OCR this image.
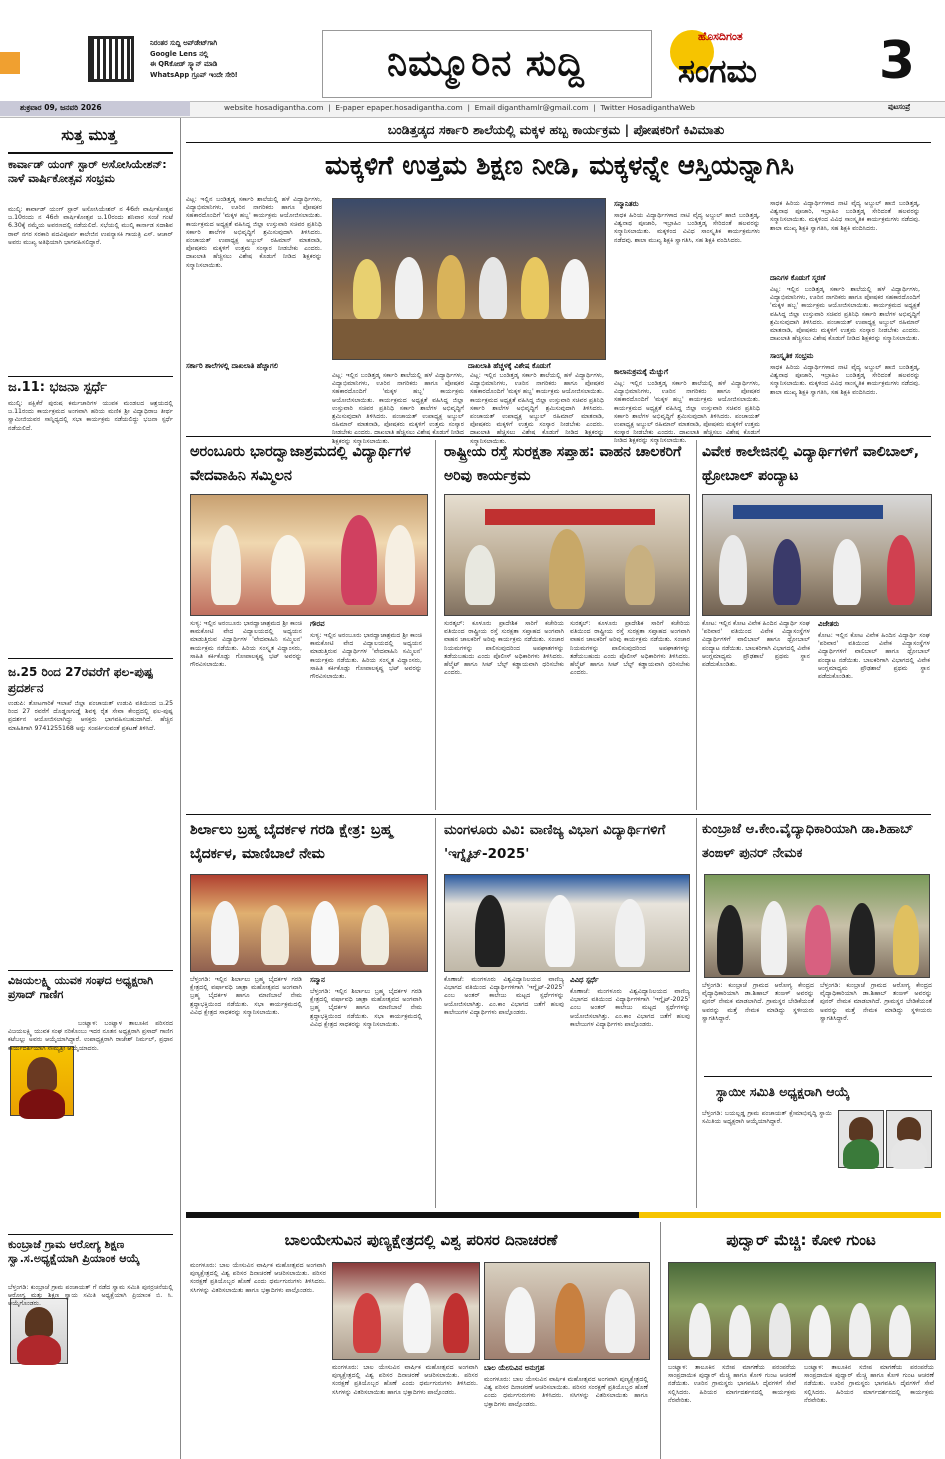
ನಿರಂತರ ಸುದ್ದಿ ಅಪ್‌ಡೇಟ್‌ಗಾಗಿ
Google Lens ನಲ್ಲಿ
ಈ QRಕೋಡ್ ಸ್ಕ್ಯಾನ್ ಮಾಡಿ
WhatsApp ಗ್ರೂಪ್ ಇಂದೇ ಸೇರಿ!	ನಿಮ್ಮೂರಿನ ಸುದ್ದಿ
ಹೊಸದಿಗಂತ
ಸಂಗಮ	3
ಶುಕ್ರವಾರ 09, ಜನವರಿ 2026	website hosadigantha.com  |  E-paper epaper.hosadigantha.com  |  Email diganthamlr@gmail.com  |  Twitter HosadiganthaWeb	ಪುಟಸಂಪ್ರೆ
ಸುತ್ತ ಮುತ್ತ
ಕಾರ್ವಾಡ್ ಯಂಗ್ ಸ್ಟಾರ್ ಅಸೋಸಿಯೇಶನ್: ನಾಳೆ ವಾರ್ಷಿಕೋತ್ಸವ ಸಂಭ್ರಮ
ಮುಲ್ಕಿ: ಕಾರ್ವಾಡ್ ಯಂಗ್ ಸ್ಟಾರ್ ಅಸೋಸಿಯೇಶನ್ ನ 46ನೇ ವಾರ್ಷಿಕೋತ್ಸವ ಜ.10ರಂದು ನ 46ನೇ ವಾರ್ಷಿಕೋತ್ಸವ ಜ.10ರಂದು ಶನಿವಾರ ಸಂಜೆ ಗಂಟೆ 6.30ಕ್ಕೆ ನಮ್ಮೆಯ ಅವರಣದಲ್ಲಿ ನಡೆಯಲಿದೆ. ಸಭೆಯಲ್ಲಿ ಮುಲ್ಕಿ ಕಾರ್ನಾಡ ಸದಾಶಿವ ರಾವ್ ನಗರ ಸರಕಾರಿ ಪದವಿಪೂರ್ವ ಕಾಲೇಜಿನ ಉಪನ್ಯಾಸಕಿ ಗಾಯತ್ರಿ ಎಸ್. ಆಚಾರ್ ಅವರು ಮುಖ್ಯ ಅತಿಥಿಯಾಗಿ ಭಾಗವಹಿಸಲಿದ್ದಾರೆ.
ಜ.11: ಭಜನಾ ಸ್ಪರ್ಧೆ
ಮುಲ್ಕಿ: ಪಕ್ಷಿಕೆರೆ ಪುರುಷ ಕರ್ಮಚಾರಿಗಳ ಯುವಕ ಮಂಡಲದ ಆಶ್ರಯದಲ್ಲಿ ಜ.11ರಂದು ಕಾರ್ಯಕ್ರಮದ ಅಂಗವಾಗಿ ಹರಿಯ ಮಣಿಕ ಶ್ರೀ ವಿದ್ಯಾಧಿರಾಜ ತೀರ್ಥ ಸ್ವಾಮೀಜಿಯವರ ಸಾನ್ನಿಧ್ಯದಲ್ಲಿ ಸಭಾ ಕಾರ್ಯಕ್ರಮ ನಡೆಯಲಿದ್ದು ಭಜನಾ ಸ್ಪರ್ಧೆ ನಡೆಯಲಿದೆ.
ಜ.25 ರಿಂದ 27ರವರೆಗೆ ಫಲ-ಪುಷ್ಪ ಪ್ರದರ್ಶನ
ಉಡುಪಿ: ತೋಟಗಾರಿಕೆ ಇಲಾಖೆ ಜಿಲ್ಲಾ ಪಂಚಾಯತ್ ಉಡುಪಿ ವತಿಯಿಂದ ಜ.25 ರಿಂದ 27 ರವರೆಗೆ ದೊಡ್ಡಣಗುಡ್ಡೆ ಶಿವಳ್ಳಿ ರೈತ ಸೇವಾ ಕೇಂದ್ರದಲ್ಲಿ ಫಲ-ಪುಷ್ಪ ಪ್ರದರ್ಶನ ಆಯೋಜಿಸಲಾಗಿದ್ದು ಆಸಕ್ತರು ಭಾಗವಹಿಸಬಹುದಾಗಿದೆ. ಹೆಚ್ಚಿನ ಮಾಹಿತಿಗಾಗಿ 9741255168 ಅನ್ನು ಸಂಪರ್ಕಿಸುವಂತೆ ಪ್ರಕಟಣೆ ತಿಳಿಸಿದೆ.
ವಿಜಯಲಕ್ಷ್ಮಿ ಯುವಕ ಸಂಘದ ಅಧ್ಯಕ್ಷರಾಗಿ ಪ್ರಸಾದ್ ಗಾಣಿಗ
ಬಂಟ್ವಾಳ: ಬಂಟ್ವಾಳ ತಾಲೂಕಿನ ಪರಿಸರದ ವಿಜಯಲಕ್ಷ್ಮಿ ಯುವಕ ಸಂಘ ನರಿಕೊಂಬು ಇದರ ನೂತನ ಅಧ್ಯಕ್ಷರಾಗಿ ಪ್ರಸಾದ್ ಗಾಣಿಗ ಕಟೆಬಲ್ಲು ಅವರು ಆಯ್ಕೆಯಾಗಿದ್ದಾರೆ. ಉಪಾಧ್ಯಕ್ಷರಾಗಿ ರಾಜೇಶ್ ನಿರ್ಮಲ್, ಪ್ರಧಾನ ಕಾರ್ಯದರ್ಶಿಯಾಗಿ ಸೌಮ್ಯಶ್ರೀ ಆಯ್ಕೆಯಾದರು.
ಕುಂಬ್ರಾಜೆ ಗ್ರಾಮ ಆರೋಗ್ಯ ಶಿಕ್ಷಣ ಸ್ವಾ.ಸ.ಅಧ್ಯಕ್ಷೆಯಾಗಿ ಪ್ರಿಯಾಂಕ ಆಯ್ಕೆ
ಬೆಳ್ತಂಗಡಿ: ಕುಂಬ್ರಾಜೆ ಗ್ರಾಮ ಪಂಚಾಯತ್ ಗೆ ನಡೆದ ಸ್ವಾಮ ಸಮಿತಿ ಪುನರ್ರಚನೆಯಲ್ಲಿ ಆರೋಗ್ಯ ಮತ್ತು ಶಿಕ್ಷಣ ಸ್ವಾಯ ಸಮಿತಿ ಅಧ್ಯಕ್ಷೆಯಾಗಿ ಪ್ರಿಯಾಂಕ ಬಿ. ಸಿ. ಆಯ್ಕೆಗೊಂಡರು.
ಬಂಡಿತ್ತಡ್ಕದ ಸರ್ಕಾರಿ ಶಾಲೆಯಲ್ಲಿ ಮಕ್ಕಳ ಹಬ್ಬ ಕಾರ್ಯಕ್ರಮ | ಪೋಷಕರಿಗೆ ಕಿವಿಮಾತು
ಮಕ್ಕಳಿಗೆ ಉತ್ತಮ ಶಿಕ್ಷಣ ನೀಡಿ, ಮಕ್ಕಳನ್ನೇ ಆಸ್ತಿಯನ್ನಾಗಿಸಿ
ವಿಟ್ಲ: ಇಲ್ಲಿನ ಬಂಡಿತ್ತಡ್ಕ ಸರ್ಕಾರಿ ಶಾಲೆಯಲ್ಲಿ ಹಳೆ ವಿದ್ಯಾರ್ಥಿಗಳು, ವಿದ್ಯಾಭಿಮಾನಿಗಳು, ಊರಿನ ನಾಗರಿಕರು ಹಾಗೂ ಪೋಷಕರ ಸಹಕಾರದೊಂದಿಗೆ 'ಮಕ್ಕಳ ಹಬ್ಬ' ಕಾರ್ಯಕ್ರಮ ಆಯೋಜಿಸಲಾಯಿತು. ಕಾರ್ಯಕ್ರಮದ ಅಧ್ಯಕ್ಷತೆ ವಹಿಸಿದ್ದ ಜಿಲ್ಲಾ ಉಸ್ತುವಾರಿ ಸಚಿವರ ಪ್ರತಿನಿಧಿ ಸರ್ಕಾರಿ ಶಾಲೆಗಳ ಅಭಿವೃದ್ಧಿಗೆ ಶ್ರಮಿಸುವುದಾಗಿ ತಿಳಿಸಿದರು. ಪಂಚಾಯತ್ ಉಪಾಧ್ಯಕ್ಷ ಅಬ್ದುಲ್ ರಹಿಮಾನ್ ಮಾತನಾಡಿ, ಪೋಷಕರು ಮಕ್ಕಳಿಗೆ ಉತ್ತಮ ಸಂಸ್ಕಾರ ನೀಡಬೇಕು ಎಂದರು. ದಾಖಲಾತಿ ಹೆಚ್ಚಿಸಲು ವಿಶೇಷ ಕೊಡುಗೆ ನೀಡಿದ ಶಿಕ್ಷಕರನ್ನು ಸನ್ಮಾನಿಸಲಾಯಿತು.
ಸರ್ಕಾರಿ ಶಾಲೆಗಳಲ್ಲಿ ದಾಖಲಾತಿ ಹೆಚ್ಚಾಗಲಿ	ದಾಖಲಾತಿ ಹೆಚ್ಚಳಕ್ಕೆ ವಿಶೇಷ ಕೊಡುಗೆ
ವಿಟ್ಲ: ಇಲ್ಲಿನ ಬಂಡಿತ್ತಡ್ಕ ಸರ್ಕಾರಿ ಶಾಲೆಯಲ್ಲಿ ಹಳೆ ವಿದ್ಯಾರ್ಥಿಗಳು, ವಿದ್ಯಾಭಿಮಾನಿಗಳು, ಊರಿನ ನಾಗರಿಕರು ಹಾಗೂ ಪೋಷಕರ ಸಹಕಾರದೊಂದಿಗೆ 'ಮಕ್ಕಳ ಹಬ್ಬ' ಕಾರ್ಯಕ್ರಮ ಆಯೋಜಿಸಲಾಯಿತು. ಕಾರ್ಯಕ್ರಮದ ಅಧ್ಯಕ್ಷತೆ ವಹಿಸಿದ್ದ ಜಿಲ್ಲಾ ಉಸ್ತುವಾರಿ ಸಚಿವರ ಪ್ರತಿನಿಧಿ ಸರ್ಕಾರಿ ಶಾಲೆಗಳ ಅಭಿವೃದ್ಧಿಗೆ ಶ್ರಮಿಸುವುದಾಗಿ ತಿಳಿಸಿದರು. ಪಂಚಾಯತ್ ಉಪಾಧ್ಯಕ್ಷ ಅಬ್ದುಲ್ ರಹಿಮಾನ್ ಮಾತನಾಡಿ, ಪೋಷಕರು ಮಕ್ಕಳಿಗೆ ಉತ್ತಮ ಸಂಸ್ಕಾರ ನೀಡಬೇಕು ಎಂದರು. ದಾಖಲಾತಿ ಹೆಚ್ಚಿಸಲು ವಿಶೇಷ ಕೊಡುಗೆ ನೀಡಿದ ಶಿಕ್ಷಕರನ್ನು ಸನ್ಮಾನಿಸಲಾಯಿತು.
ವಿಟ್ಲ: ಇಲ್ಲಿನ ಬಂಡಿತ್ತಡ್ಕ ಸರ್ಕಾರಿ ಶಾಲೆಯಲ್ಲಿ ಹಳೆ ವಿದ್ಯಾರ್ಥಿಗಳು, ವಿದ್ಯಾಭಿಮಾನಿಗಳು, ಊರಿನ ನಾಗರಿಕರು ಹಾಗೂ ಪೋಷಕರ ಸಹಕಾರದೊಂದಿಗೆ 'ಮಕ್ಕಳ ಹಬ್ಬ' ಕಾರ್ಯಕ್ರಮ ಆಯೋಜಿಸಲಾಯಿತು. ಕಾರ್ಯಕ್ರಮದ ಅಧ್ಯಕ್ಷತೆ ವಹಿಸಿದ್ದ ಜಿಲ್ಲಾ ಉಸ್ತುವಾರಿ ಸಚಿವರ ಪ್ರತಿನಿಧಿ ಸರ್ಕಾರಿ ಶಾಲೆಗಳ ಅಭಿವೃದ್ಧಿಗೆ ಶ್ರಮಿಸುವುದಾಗಿ ತಿಳಿಸಿದರು. ಪಂಚಾಯತ್ ಉಪಾಧ್ಯಕ್ಷ ಅಬ್ದುಲ್ ರಹಿಮಾನ್ ಮಾತನಾಡಿ, ಪೋಷಕರು ಮಕ್ಕಳಿಗೆ ಉತ್ತಮ ಸಂಸ್ಕಾರ ನೀಡಬೇಕು ಎಂದರು. ದಾಖಲಾತಿ ಹೆಚ್ಚಿಸಲು ವಿಶೇಷ ಕೊಡುಗೆ ನೀಡಿದ ಶಿಕ್ಷಕರನ್ನು ಸನ್ಮಾನಿಸಲಾಯಿತು.
ಸನ್ಮಾನಿತರು
ಸಾಧಕ ಹಿರಿಯ ವಿದ್ಯಾರ್ಥಿಗಳಾದ ನಾಟಿ ವೈದ್ಯ ಅಬ್ದುಲ್ ಹಾಜಿ ಬಂಡಿತ್ತಡ್ಕ, ವಿಶ್ವನಾಥ ಪೂಜಾರಿ, ಇಬ್ರಾಹಿಂ ಬಂಡಿತ್ತಡ್ಕ ಸೇರಿದಂತೆ ಹಲವರನ್ನು ಸನ್ಮಾನಿಸಲಾಯಿತು. ಮಕ್ಕಳಿಂದ ವಿವಿಧ ಸಾಂಸ್ಕೃತಿಕ ಕಾರ್ಯಕ್ರಮಗಳು ನಡೆದವು. ಶಾಲಾ ಮುಖ್ಯ ಶಿಕ್ಷಕಿ ಸ್ವಾಗತಿಸಿ, ಸಹ ಶಿಕ್ಷಕಿ ವಂದಿಸಿದರು.
ಕಾಲಾನುಕ್ರಮಕ್ಕೆ ಮೆಚ್ಚುಗೆ
ವಿಟ್ಲ: ಇಲ್ಲಿನ ಬಂಡಿತ್ತಡ್ಕ ಸರ್ಕಾರಿ ಶಾಲೆಯಲ್ಲಿ ಹಳೆ ವಿದ್ಯಾರ್ಥಿಗಳು, ವಿದ್ಯಾಭಿಮಾನಿಗಳು, ಊರಿನ ನಾಗರಿಕರು ಹಾಗೂ ಪೋಷಕರ ಸಹಕಾರದೊಂದಿಗೆ 'ಮಕ್ಕಳ ಹಬ್ಬ' ಕಾರ್ಯಕ್ರಮ ಆಯೋಜಿಸಲಾಯಿತು. ಕಾರ್ಯಕ್ರಮದ ಅಧ್ಯಕ್ಷತೆ ವಹಿಸಿದ್ದ ಜಿಲ್ಲಾ ಉಸ್ತುವಾರಿ ಸಚಿವರ ಪ್ರತಿನಿಧಿ ಸರ್ಕಾರಿ ಶಾಲೆಗಳ ಅಭಿವೃದ್ಧಿಗೆ ಶ್ರಮಿಸುವುದಾಗಿ ತಿಳಿಸಿದರು. ಪಂಚಾಯತ್ ಉಪಾಧ್ಯಕ್ಷ ಅಬ್ದುಲ್ ರಹಿಮಾನ್ ಮಾತನಾಡಿ, ಪೋಷಕರು ಮಕ್ಕಳಿಗೆ ಉತ್ತಮ ಸಂಸ್ಕಾರ ನೀಡಬೇಕು ಎಂದರು. ದಾಖಲಾತಿ ಹೆಚ್ಚಿಸಲು ವಿಶೇಷ ಕೊಡುಗೆ ನೀಡಿದ ಶಿಕ್ಷಕರನ್ನು ಸನ್ಮಾನಿಸಲಾಯಿತು.
ಸಾಧಕ ಹಿರಿಯ ವಿದ್ಯಾರ್ಥಿಗಳಾದ ನಾಟಿ ವೈದ್ಯ ಅಬ್ದುಲ್ ಹಾಜಿ ಬಂಡಿತ್ತಡ್ಕ, ವಿಶ್ವನಾಥ ಪೂಜಾರಿ, ಇಬ್ರಾಹಿಂ ಬಂಡಿತ್ತಡ್ಕ ಸೇರಿದಂತೆ ಹಲವರನ್ನು ಸನ್ಮಾನಿಸಲಾಯಿತು. ಮಕ್ಕಳಿಂದ ವಿವಿಧ ಸಾಂಸ್ಕೃತಿಕ ಕಾರ್ಯಕ್ರಮಗಳು ನಡೆದವು. ಶಾಲಾ ಮುಖ್ಯ ಶಿಕ್ಷಕಿ ಸ್ವಾಗತಿಸಿ, ಸಹ ಶಿಕ್ಷಕಿ ವಂದಿಸಿದರು.
ದಾನಿಗಳ ಕೊಡುಗೆ ಸ್ಮರಣೆ
ವಿಟ್ಲ: ಇಲ್ಲಿನ ಬಂಡಿತ್ತಡ್ಕ ಸರ್ಕಾರಿ ಶಾಲೆಯಲ್ಲಿ ಹಳೆ ವಿದ್ಯಾರ್ಥಿಗಳು, ವಿದ್ಯಾಭಿಮಾನಿಗಳು, ಊರಿನ ನಾಗರಿಕರು ಹಾಗೂ ಪೋಷಕರ ಸಹಕಾರದೊಂದಿಗೆ 'ಮಕ್ಕಳ ಹಬ್ಬ' ಕಾರ್ಯಕ್ರಮ ಆಯೋಜಿಸಲಾಯಿತು. ಕಾರ್ಯಕ್ರಮದ ಅಧ್ಯಕ್ಷತೆ ವಹಿಸಿದ್ದ ಜಿಲ್ಲಾ ಉಸ್ತುವಾರಿ ಸಚಿವರ ಪ್ರತಿನಿಧಿ ಸರ್ಕಾರಿ ಶಾಲೆಗಳ ಅಭಿವೃದ್ಧಿಗೆ ಶ್ರಮಿಸುವುದಾಗಿ ತಿಳಿಸಿದರು. ಪಂಚಾಯತ್ ಉಪಾಧ್ಯಕ್ಷ ಅಬ್ದುಲ್ ರಹಿಮಾನ್ ಮಾತನಾಡಿ, ಪೋಷಕರು ಮಕ್ಕಳಿಗೆ ಉತ್ತಮ ಸಂಸ್ಕಾರ ನೀಡಬೇಕು ಎಂದರು. ದಾಖಲಾತಿ ಹೆಚ್ಚಿಸಲು ವಿಶೇಷ ಕೊಡುಗೆ ನೀಡಿದ ಶಿಕ್ಷಕರನ್ನು ಸನ್ಮಾನಿಸಲಾಯಿತು.
ಸಾಂಸ್ಕೃತಿಕ ಸಂಭ್ರಮ
ಸಾಧಕ ಹಿರಿಯ ವಿದ್ಯಾರ್ಥಿಗಳಾದ ನಾಟಿ ವೈದ್ಯ ಅಬ್ದುಲ್ ಹಾಜಿ ಬಂಡಿತ್ತಡ್ಕ, ವಿಶ್ವನಾಥ ಪೂಜಾರಿ, ಇಬ್ರಾಹಿಂ ಬಂಡಿತ್ತಡ್ಕ ಸೇರಿದಂತೆ ಹಲವರನ್ನು ಸನ್ಮಾನಿಸಲಾಯಿತು. ಮಕ್ಕಳಿಂದ ವಿವಿಧ ಸಾಂಸ್ಕೃತಿಕ ಕಾರ್ಯಕ್ರಮಗಳು ನಡೆದವು. ಶಾಲಾ ಮುಖ್ಯ ಶಿಕ್ಷಕಿ ಸ್ವಾಗತಿಸಿ, ಸಹ ಶಿಕ್ಷಕಿ ವಂದಿಸಿದರು.
ಅರಂಬೂರು ಭಾರದ್ವಾಜಾಶ್ರಮದಲ್ಲಿ ವಿದ್ಯಾರ್ಥಿಗಳ ವೇದವಾಹಿನಿ ಸಮ್ಮಿಲನ
ಸುಳ್ಯ: ಇಲ್ಲಿನ ಅರಂಬೂರು ಭಾರದ್ವಾಜಾಶ್ರಮದ ಶ್ರೀ ಕಾಂಚಿ ಕಾಮಕೋಟಿ ವೇದ ವಿದ್ಯಾಲಯದಲ್ಲಿ ಅಧ್ಯಯನ ಮಾಡುತ್ತಿರುವ ವಿದ್ಯಾರ್ಥಿಗಳ 'ವೇದವಾಹಿನಿ ಸಮ್ಮಿಲನ' ಕಾರ್ಯಕ್ರಮ ನಡೆಯಿತು. ಹಿರಿಯ ಸಂಸ್ಕೃತ ವಿದ್ವಾಂಸರು, ಸಾಹಿತಿ ಕರ್ಕಿಕೊಡ್ಲು ಗೋಪಾಲಕೃಷ್ಣ ಭಟ್ ಅವರನ್ನು ಗೌರವಿಸಲಾಯಿತು.
ಗೌರವ
ಸುಳ್ಯ: ಇಲ್ಲಿನ ಅರಂಬೂರು ಭಾರದ್ವಾಜಾಶ್ರಮದ ಶ್ರೀ ಕಾಂಚಿ ಕಾಮಕೋಟಿ ವೇದ ವಿದ್ಯಾಲಯದಲ್ಲಿ ಅಧ್ಯಯನ ಮಾಡುತ್ತಿರುವ ವಿದ್ಯಾರ್ಥಿಗಳ 'ವೇದವಾಹಿನಿ ಸಮ್ಮಿಲನ' ಕಾರ್ಯಕ್ರಮ ನಡೆಯಿತು. ಹಿರಿಯ ಸಂಸ್ಕೃತ ವಿದ್ವಾಂಸರು, ಸಾಹಿತಿ ಕರ್ಕಿಕೊಡ್ಲು ಗೋಪಾಲಕೃಷ್ಣ ಭಟ್ ಅವರನ್ನು ಗೌರವಿಸಲಾಯಿತು.
ರಾಷ್ಟ್ರೀಯ ರಸ್ತೆ ಸುರಕ್ಷತಾ ಸಪ್ತಾಹ: ವಾಹನ ಚಾಲಕರಿಗೆ ಅರಿವು ಕಾರ್ಯಕ್ರಮ
ಸುರತ್ಕಲ್: ಕೂಳೂರು ಪ್ರಾದೇಶಿಕ ಸಾರಿಗೆ ಕಚೇರಿಯ ವತಿಯಿಂದ ರಾಷ್ಟ್ರೀಯ ರಸ್ತೆ ಸುರಕ್ಷತಾ ಸಪ್ತಾಹದ ಅಂಗವಾಗಿ ವಾಹನ ಚಾಲಕರಿಗೆ ಅರಿವು ಕಾರ್ಯಕ್ರಮ ನಡೆಯಿತು. ಸಂಚಾರ ನಿಯಮಗಳನ್ನು ಪಾಲಿಸುವುದರಿಂದ ಅಪಘಾತಗಳನ್ನು ತಡೆಯಬಹುದು ಎಂದು ಪೊಲೀಸ್ ಅಧಿಕಾರಿಗಳು ತಿಳಿಸಿದರು. ಹೆಲ್ಮೆಟ್ ಹಾಗೂ ಸೀಟ್ ಬೆಲ್ಟ್ ಕಡ್ಡಾಯವಾಗಿ ಧರಿಸಬೇಕು ಎಂದರು.
ಸುರತ್ಕಲ್: ಕೂಳೂರು ಪ್ರಾದೇಶಿಕ ಸಾರಿಗೆ ಕಚೇರಿಯ ವತಿಯಿಂದ ರಾಷ್ಟ್ರೀಯ ರಸ್ತೆ ಸುರಕ್ಷತಾ ಸಪ್ತಾಹದ ಅಂಗವಾಗಿ ವಾಹನ ಚಾಲಕರಿಗೆ ಅರಿವು ಕಾರ್ಯಕ್ರಮ ನಡೆಯಿತು. ಸಂಚಾರ ನಿಯಮಗಳನ್ನು ಪಾಲಿಸುವುದರಿಂದ ಅಪಘಾತಗಳನ್ನು ತಡೆಯಬಹುದು ಎಂದು ಪೊಲೀಸ್ ಅಧಿಕಾರಿಗಳು ತಿಳಿಸಿದರು. ಹೆಲ್ಮೆಟ್ ಹಾಗೂ ಸೀಟ್ ಬೆಲ್ಟ್ ಕಡ್ಡಾಯವಾಗಿ ಧರಿಸಬೇಕು ಎಂದರು.
ವಿವೇಕ ಕಾಲೇಜಿನಲ್ಲಿ ವಿದ್ಯಾರ್ಥಿಗಳಿಗೆ ವಾಲಿಬಾಲ್, ಥ್ರೋಬಾಲ್ ಪಂದ್ಯಾಟ
ಕೋಟ: ಇಲ್ಲಿನ ಕೋಟ ವಿವೇಕ ಹಿಂದಿನ ವಿದ್ಯಾರ್ಥಿ ಸಂಘ 'ಪರಿವಾರ' ವತಿಯಿಂದ ವಿವೇಕ ವಿದ್ಯಾಸಂಸ್ಥೆಗಳ ವಿದ್ಯಾರ್ಥಿಗಳಿಗೆ ವಾಲಿಬಾಲ್ ಹಾಗೂ ಥ್ರೋಬಾಲ್ ಪಂದ್ಯಾಟ ನಡೆಯಿತು. ಬಾಲಕರಿಗಾಗಿ ವಿಭಾಗದಲ್ಲಿ ವಿವೇಕ ಆಂಗ್ಲಮಾಧ್ಯಮ ಪ್ರೌಢಶಾಲೆ ಪ್ರಥಮ ಸ್ಥಾನ ಪಡೆದುಕೊಂಡಿತು.
ವಿಜೇತರು
ಕೋಟ: ಇಲ್ಲಿನ ಕೋಟ ವಿವೇಕ ಹಿಂದಿನ ವಿದ್ಯಾರ್ಥಿ ಸಂಘ 'ಪರಿವಾರ' ವತಿಯಿಂದ ವಿವೇಕ ವಿದ್ಯಾಸಂಸ್ಥೆಗಳ ವಿದ್ಯಾರ್ಥಿಗಳಿಗೆ ವಾಲಿಬಾಲ್ ಹಾಗೂ ಥ್ರೋಬಾಲ್ ಪಂದ್ಯಾಟ ನಡೆಯಿತು. ಬಾಲಕರಿಗಾಗಿ ವಿಭಾಗದಲ್ಲಿ ವಿವೇಕ ಆಂಗ್ಲಮಾಧ್ಯಮ ಪ್ರೌಢಶಾಲೆ ಪ್ರಥಮ ಸ್ಥಾನ ಪಡೆದುಕೊಂಡಿತು.
ಶಿರ್ಲಾಲು ಬ್ರಹ್ಮ ಬೈದರ್ಕಳ ಗರಡಿ ಕ್ಷೇತ್ರ: ಬ್ರಹ್ಮ ಬೈದರ್ಕಳ, ಮಾಣಿಬಾಲೆ ನೇಮ
ಬೆಳ್ತಂಗಡಿ: ಇಲ್ಲಿನ ಶಿರ್ಲಾಲು ಬ್ರಹ್ಮ ಬೈದರ್ಕಳ ಗರಡಿ ಕ್ಷೇತ್ರದಲ್ಲಿ ವರ್ಷಾವಧಿ ಜಾತ್ರಾ ಮಹೋತ್ಸವದ ಅಂಗವಾಗಿ ಬ್ರಹ್ಮ ಬೈದರ್ಕಳ ಹಾಗೂ ಮಾಣಿಬಾಲೆ ನೇಮ ಶ್ರದ್ಧಾಭಕ್ತಿಯಿಂದ ನಡೆಯಿತು. ಸಭಾ ಕಾರ್ಯಕ್ರಮದಲ್ಲಿ ವಿವಿಧ ಕ್ಷೇತ್ರದ ಸಾಧಕರನ್ನು ಸನ್ಮಾನಿಸಲಾಯಿತು.
ಸನ್ಮಾನ
ಬೆಳ್ತಂಗಡಿ: ಇಲ್ಲಿನ ಶಿರ್ಲಾಲು ಬ್ರಹ್ಮ ಬೈದರ್ಕಳ ಗರಡಿ ಕ್ಷೇತ್ರದಲ್ಲಿ ವರ್ಷಾವಧಿ ಜಾತ್ರಾ ಮಹೋತ್ಸವದ ಅಂಗವಾಗಿ ಬ್ರಹ್ಮ ಬೈದರ್ಕಳ ಹಾಗೂ ಮಾಣಿಬಾಲೆ ನೇಮ ಶ್ರದ್ಧಾಭಕ್ತಿಯಿಂದ ನಡೆಯಿತು. ಸಭಾ ಕಾರ್ಯಕ್ರಮದಲ್ಲಿ ವಿವಿಧ ಕ್ಷೇತ್ರದ ಸಾಧಕರನ್ನು ಸನ್ಮಾನಿಸಲಾಯಿತು.
ಮಂಗಳೂರು ವಿವಿ: ವಾಣಿಜ್ಯ ವಿಭಾಗ ವಿದ್ಯಾರ್ಥಿಗಳಿಗೆ 'ಇಗ್ನೈಟ್-2025'
ಕೊಣಾಜೆ: ಮಂಗಳೂರು ವಿಶ್ವವಿದ್ಯಾನಿಲಯದ ವಾಣಿಜ್ಯ ವಿಭಾಗದ ವತಿಯಿಂದ ವಿದ್ಯಾರ್ಥಿಗಳಿಗಾಗಿ 'ಇಗ್ನೈಟ್-2025' ಎಂಬ ಅಂತರ್ ಕಾಲೇಜು ಮಟ್ಟದ ಸ್ಪರ್ಧೆಗಳನ್ನು ಆಯೋಜಿಸಲಾಗಿತ್ತು. ಎಂ.ಕಾಂ ವಿಭಾಗದ ಜತೆಗೆ ಹಲವು ಕಾಲೇಜುಗಳ ವಿದ್ಯಾರ್ಥಿಗಳು ಪಾಲ್ಗೊಂಡರು.
ವಿವಿಧ ಸ್ಪರ್ಧೆ
ಕೊಣಾಜೆ: ಮಂಗಳೂರು ವಿಶ್ವವಿದ್ಯಾನಿಲಯದ ವಾಣಿಜ್ಯ ವಿಭಾಗದ ವತಿಯಿಂದ ವಿದ್ಯಾರ್ಥಿಗಳಿಗಾಗಿ 'ಇಗ್ನೈಟ್-2025' ಎಂಬ ಅಂತರ್ ಕಾಲೇಜು ಮಟ್ಟದ ಸ್ಪರ್ಧೆಗಳನ್ನು ಆಯೋಜಿಸಲಾಗಿತ್ತು. ಎಂ.ಕಾಂ ವಿಭಾಗದ ಜತೆಗೆ ಹಲವು ಕಾಲೇಜುಗಳ ವಿದ್ಯಾರ್ಥಿಗಳು ಪಾಲ್ಗೊಂಡರು.
ಕುಂಬ್ರಾಜೆ ಆ.ಕೇಂ.ವೈದ್ಯಾಧಿಕಾರಿಯಾಗಿ ಡಾ.ಶಿಹಾಬ್ ತಂಙಳ್ ಪುನರ್ ನೇಮಕ
ಬೆಳ್ತಂಗಡಿ: ಕುಂಬ್ರಾಜೆ ಗ್ರಾಮದ ಆರೋಗ್ಯ ಕೇಂದ್ರದ ವೈದ್ಯಾಧಿಕಾರಿಯಾಗಿ ಡಾ.ಶಿಹಾಬ್ ತಂಙಳ್ ಅವರನ್ನು ಪುನರ್ ನೇಮಕ ಮಾಡಲಾಗಿದೆ. ಗ್ರಾಮಸ್ಥರ ಬೇಡಿಕೆಯಂತೆ ಅವರನ್ನು ಮತ್ತೆ ನೇಮಕ ಮಾಡಿದ್ದು ಸ್ಥಳೀಯರು ಸ್ವಾಗತಿಸಿದ್ದಾರೆ.
ಬೆಳ್ತಂಗಡಿ: ಕುಂಬ್ರಾಜೆ ಗ್ರಾಮದ ಆರೋಗ್ಯ ಕೇಂದ್ರದ ವೈದ್ಯಾಧಿಕಾರಿಯಾಗಿ ಡಾ.ಶಿಹಾಬ್ ತಂಙಳ್ ಅವರನ್ನು ಪುನರ್ ನೇಮಕ ಮಾಡಲಾಗಿದೆ. ಗ್ರಾಮಸ್ಥರ ಬೇಡಿಕೆಯಂತೆ ಅವರನ್ನು ಮತ್ತೆ ನೇಮಕ ಮಾಡಿದ್ದು ಸ್ಥಳೀಯರು ಸ್ವಾಗತಿಸಿದ್ದಾರೆ.
ಸ್ಥಾಯೀ ಸಮಿತಿ ಅಧ್ಯಕ್ಷರಾಗಿ ಆಯ್ಕೆ
ಬೆಳ್ತಂಗಡಿ: ಬಯಲ್ಲಡ್ಡ ಗ್ರಾಮ ಪಂಚಾಯತ್ ಕ್ಷೇಮಾಭಿವೃದ್ಧಿ ಸ್ಥಾಯಿ ಸಮಿತಿಯ ಅಧ್ಯಕ್ಷರಾಗಿ ಆಯ್ಕೆಯಾಗಿದ್ದಾರೆ.
ಬಾಲಯೇಸುವಿನ ಪುಣ್ಯಕ್ಷೇತ್ರದಲ್ಲಿ ವಿಶ್ವ ಪರಿಸರ ದಿನಾಚರಣೆ
ಮಂಗಳೂರು: ಬಾಲ ಯೇಸುವಿನ ವಾರ್ಷಿಕ ಮಹೋತ್ಸವದ ಅಂಗವಾಗಿ ಪುಣ್ಯಕ್ಷೇತ್ರದಲ್ಲಿ ವಿಶ್ವ ಪರಿಸರ ದಿನಾಚರಣೆ ಆಚರಿಸಲಾಯಿತು. ಪರಿಸರ ಸಂರಕ್ಷಣೆ ಪ್ರತಿಯೊಬ್ಬರ ಹೊಣೆ ಎಂದು ಧರ್ಮಗುರುಗಳು ತಿಳಿಸಿದರು. ಸಸಿಗಳನ್ನು ವಿತರಿಸಲಾಯಿತು ಹಾಗೂ ಭಕ್ತಾದಿಗಳು ಪಾಲ್ಗೊಂಡರು.
ಮಂಗಳೂರು: ಬಾಲ ಯೇಸುವಿನ ವಾರ್ಷಿಕ ಮಹೋತ್ಸವದ ಅಂಗವಾಗಿ ಪುಣ್ಯಕ್ಷೇತ್ರದಲ್ಲಿ ವಿಶ್ವ ಪರಿಸರ ದಿನಾಚರಣೆ ಆಚರಿಸಲಾಯಿತು. ಪರಿಸರ ಸಂರಕ್ಷಣೆ ಪ್ರತಿಯೊಬ್ಬರ ಹೊಣೆ ಎಂದು ಧರ್ಮಗುರುಗಳು ತಿಳಿಸಿದರು. ಸಸಿಗಳನ್ನು ವಿತರಿಸಲಾಯಿತು ಹಾಗೂ ಭಕ್ತಾದಿಗಳು ಪಾಲ್ಗೊಂಡರು.
ಬಾಲ ಯೇಸುವಿನ ಅನುಗ್ರಹ
ಮಂಗಳೂರು: ಬಾಲ ಯೇಸುವಿನ ವಾರ್ಷಿಕ ಮಹೋತ್ಸವದ ಅಂಗವಾಗಿ ಪುಣ್ಯಕ್ಷೇತ್ರದಲ್ಲಿ ವಿಶ್ವ ಪರಿಸರ ದಿನಾಚರಣೆ ಆಚರಿಸಲಾಯಿತು. ಪರಿಸರ ಸಂರಕ್ಷಣೆ ಪ್ರತಿಯೊಬ್ಬರ ಹೊಣೆ ಎಂದು ಧರ್ಮಗುರುಗಳು ತಿಳಿಸಿದರು. ಸಸಿಗಳನ್ನು ವಿತರಿಸಲಾಯಿತು ಹಾಗೂ ಭಕ್ತಾದಿಗಳು ಪಾಲ್ಗೊಂಡರು.
ಪುದ್ವಾರ್ ಮೆಚ್ಚಿ: ಕೋಳಿ ಗುಂಟ
ಬಂಟ್ವಾಳ: ತಾಲೂಕಿನ ಸಜೀಪ ಮಾಗಣೆಯ ಪರಂಪರೆಯ ಸಾಂಪ್ರದಾಯಿಕ ಪುದ್ವಾರ್ ಮೆಚ್ಚಿ ಹಾಗೂ ಕೋಳಿ ಗುಂಟ ಆಚರಣೆ ನಡೆಯಿತು. ಊರಿನ ಗ್ರಾಮಸ್ಥರು ಭಾಗವಹಿಸಿ ದೈವಗಳಿಗೆ ಸೇವೆ ಸಲ್ಲಿಸಿದರು. ಹಿರಿಯರ ಮಾರ್ಗದರ್ಶನದಲ್ಲಿ ಕಾರ್ಯಕ್ರಮ ನೆರವೇರಿತು.
ಬಂಟ್ವಾಳ: ತಾಲೂಕಿನ ಸಜೀಪ ಮಾಗಣೆಯ ಪರಂಪರೆಯ ಸಾಂಪ್ರದಾಯಿಕ ಪುದ್ವಾರ್ ಮೆಚ್ಚಿ ಹಾಗೂ ಕೋಳಿ ಗುಂಟ ಆಚರಣೆ ನಡೆಯಿತು. ಊರಿನ ಗ್ರಾಮಸ್ಥರು ಭಾಗವಹಿಸಿ ದೈವಗಳಿಗೆ ಸೇವೆ ಸಲ್ಲಿಸಿದರು. ಹಿರಿಯರ ಮಾರ್ಗದರ್ಶನದಲ್ಲಿ ಕಾರ್ಯಕ್ರಮ ನೆರವೇರಿತು.
